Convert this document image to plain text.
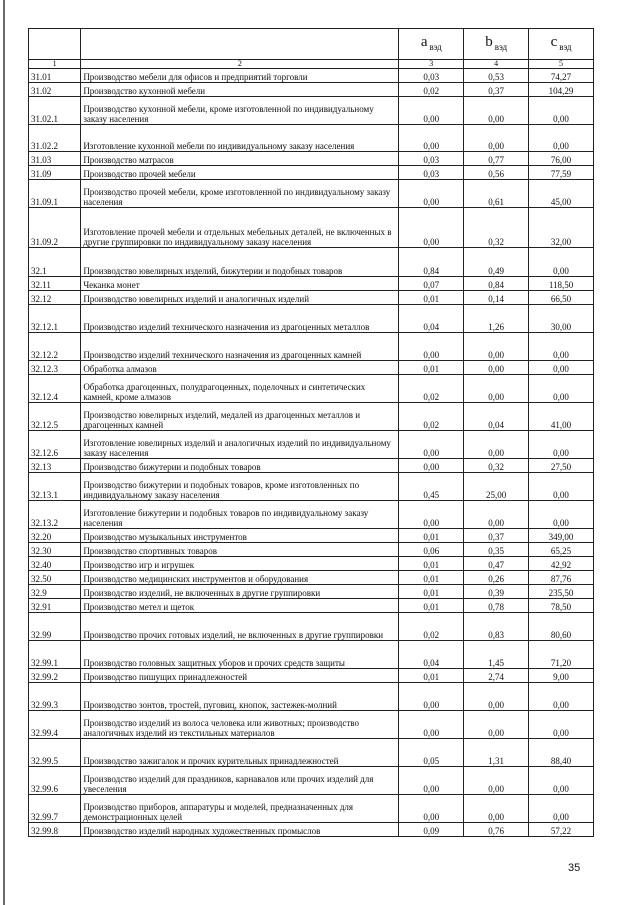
		a $_{вэд}$	b $_{вэд}$	c $_{вэд}$
1	2	3	4	5
31.01	Производство мебели для офисов и предприятий торговли	0,03	0,53	74,27
31.02	Производство кухонной мебели	0,02	0,37	104,29
31.02.1	Производство кухонной мебели, кроме изготовленной по индивидуальному заказу населения	0,00	0,00	0,00
31.02.2	Изготовление кухонной мебели по индивидуальному заказу населения	0,00	0,00	0,00
31.03	Производство матрасов	0,03	0,77	76,00
31.09	Производство прочей мебели	0,03	0,56	77,59
31.09.1	Производство прочей мебели, кроме изготовленной по индивидуальному заказу населения	0,00	0,61	45,00
31.09.2	Изготовление прочей мебели и отдельных мебельных деталей, не включенных в другие группировки по индивидуальному заказу населения	0,00	0,32	32,00
32.1	Производство ювелирных изделий, бижутерии и подобных товаров	0,84	0,49	0,00
32.11	Чеканка монет	0,07	0,84	118,50
32.12	Производство ювелирных изделий и аналогичных изделий	0,01	0,14	66,50
32.12.1	Производство изделий технического назначения из драгоценных металлов	0,04	1,26	30,00
32.12.2	Производство изделий технического назначения из драгоценных камней	0,00	0,00	0,00
32.12.3	Обработка алмазов	0,01	0,00	0,00
32.12.4	Обработка драгоценных, полудрагоценных, поделочных и синтетических камней, кроме алмазов	0,02	0,00	0,00
32.12.5	Производство ювелирных изделий, медалей из драгоценных металлов и драгоценных камней	0,02	0,04	41,00
32.12.6	Изготовление ювелирных изделий и аналогичных изделий по индивидуальному заказу населения	0,00	0,00	0,00
32.13	Производство бижутерии и подобных товаров	0,00	0,32	27,50
32.13.1	Производство бижутерии и подобных товаров, кроме изготовленных по индивидуальному заказу населения	0,45	25,00	0,00
32.13.2	Изготовление бижутерии и подобных товаров по индивидуальному заказу населения	0,00	0,00	0,00
32.20	Производство музыкальных инструментов	0,01	0,37	349,00
32.30	Производство спортивных товаров	0,06	0,35	65,25
32.40	Производство игр и игрушек	0,01	0,47	42,92
32.50	Производство медицинских инструментов и оборудования	0,01	0,26	87,76
32.9	Производство изделий, не включенных в другие группировки	0,01	0,39	235,50
32.91	Производство метел и щеток	0,01	0,78	78,50
32.99	Производство прочих готовых изделий, не включенных в другие группировки	0,02	0,83	80,60
32.99.1	Производство головных защитных уборов и прочих средств защиты	0,04	1,45	71,20
32.99.2	Производство пишущих принадлежностей	0,01	2,74	9,00
32.99.3	Производство зонтов, тростей, пуговиц, кнопок, застежек-молний	0,00	0,00	0,00
32.99.4	Производство изделий из волоса человека или животных; производство аналогичных изделий из текстильных материалов	0,00	0,00	0,00
32.99.5	Производство зажигалок и прочих курительных принадлежностей	0,05	1,31	88,40
32.99.6	Производство изделий для праздников, карнавалов или прочих изделий для увеселения	0,00	0,00	0,00
32.99.7	Производство приборов, аппаратуры и моделей, предназначенных для демонстрационных целей	0,00	0,00	0,00
32.99.8	Производство изделий народных художественных промыслов	0,09	0,76	57,22
35
